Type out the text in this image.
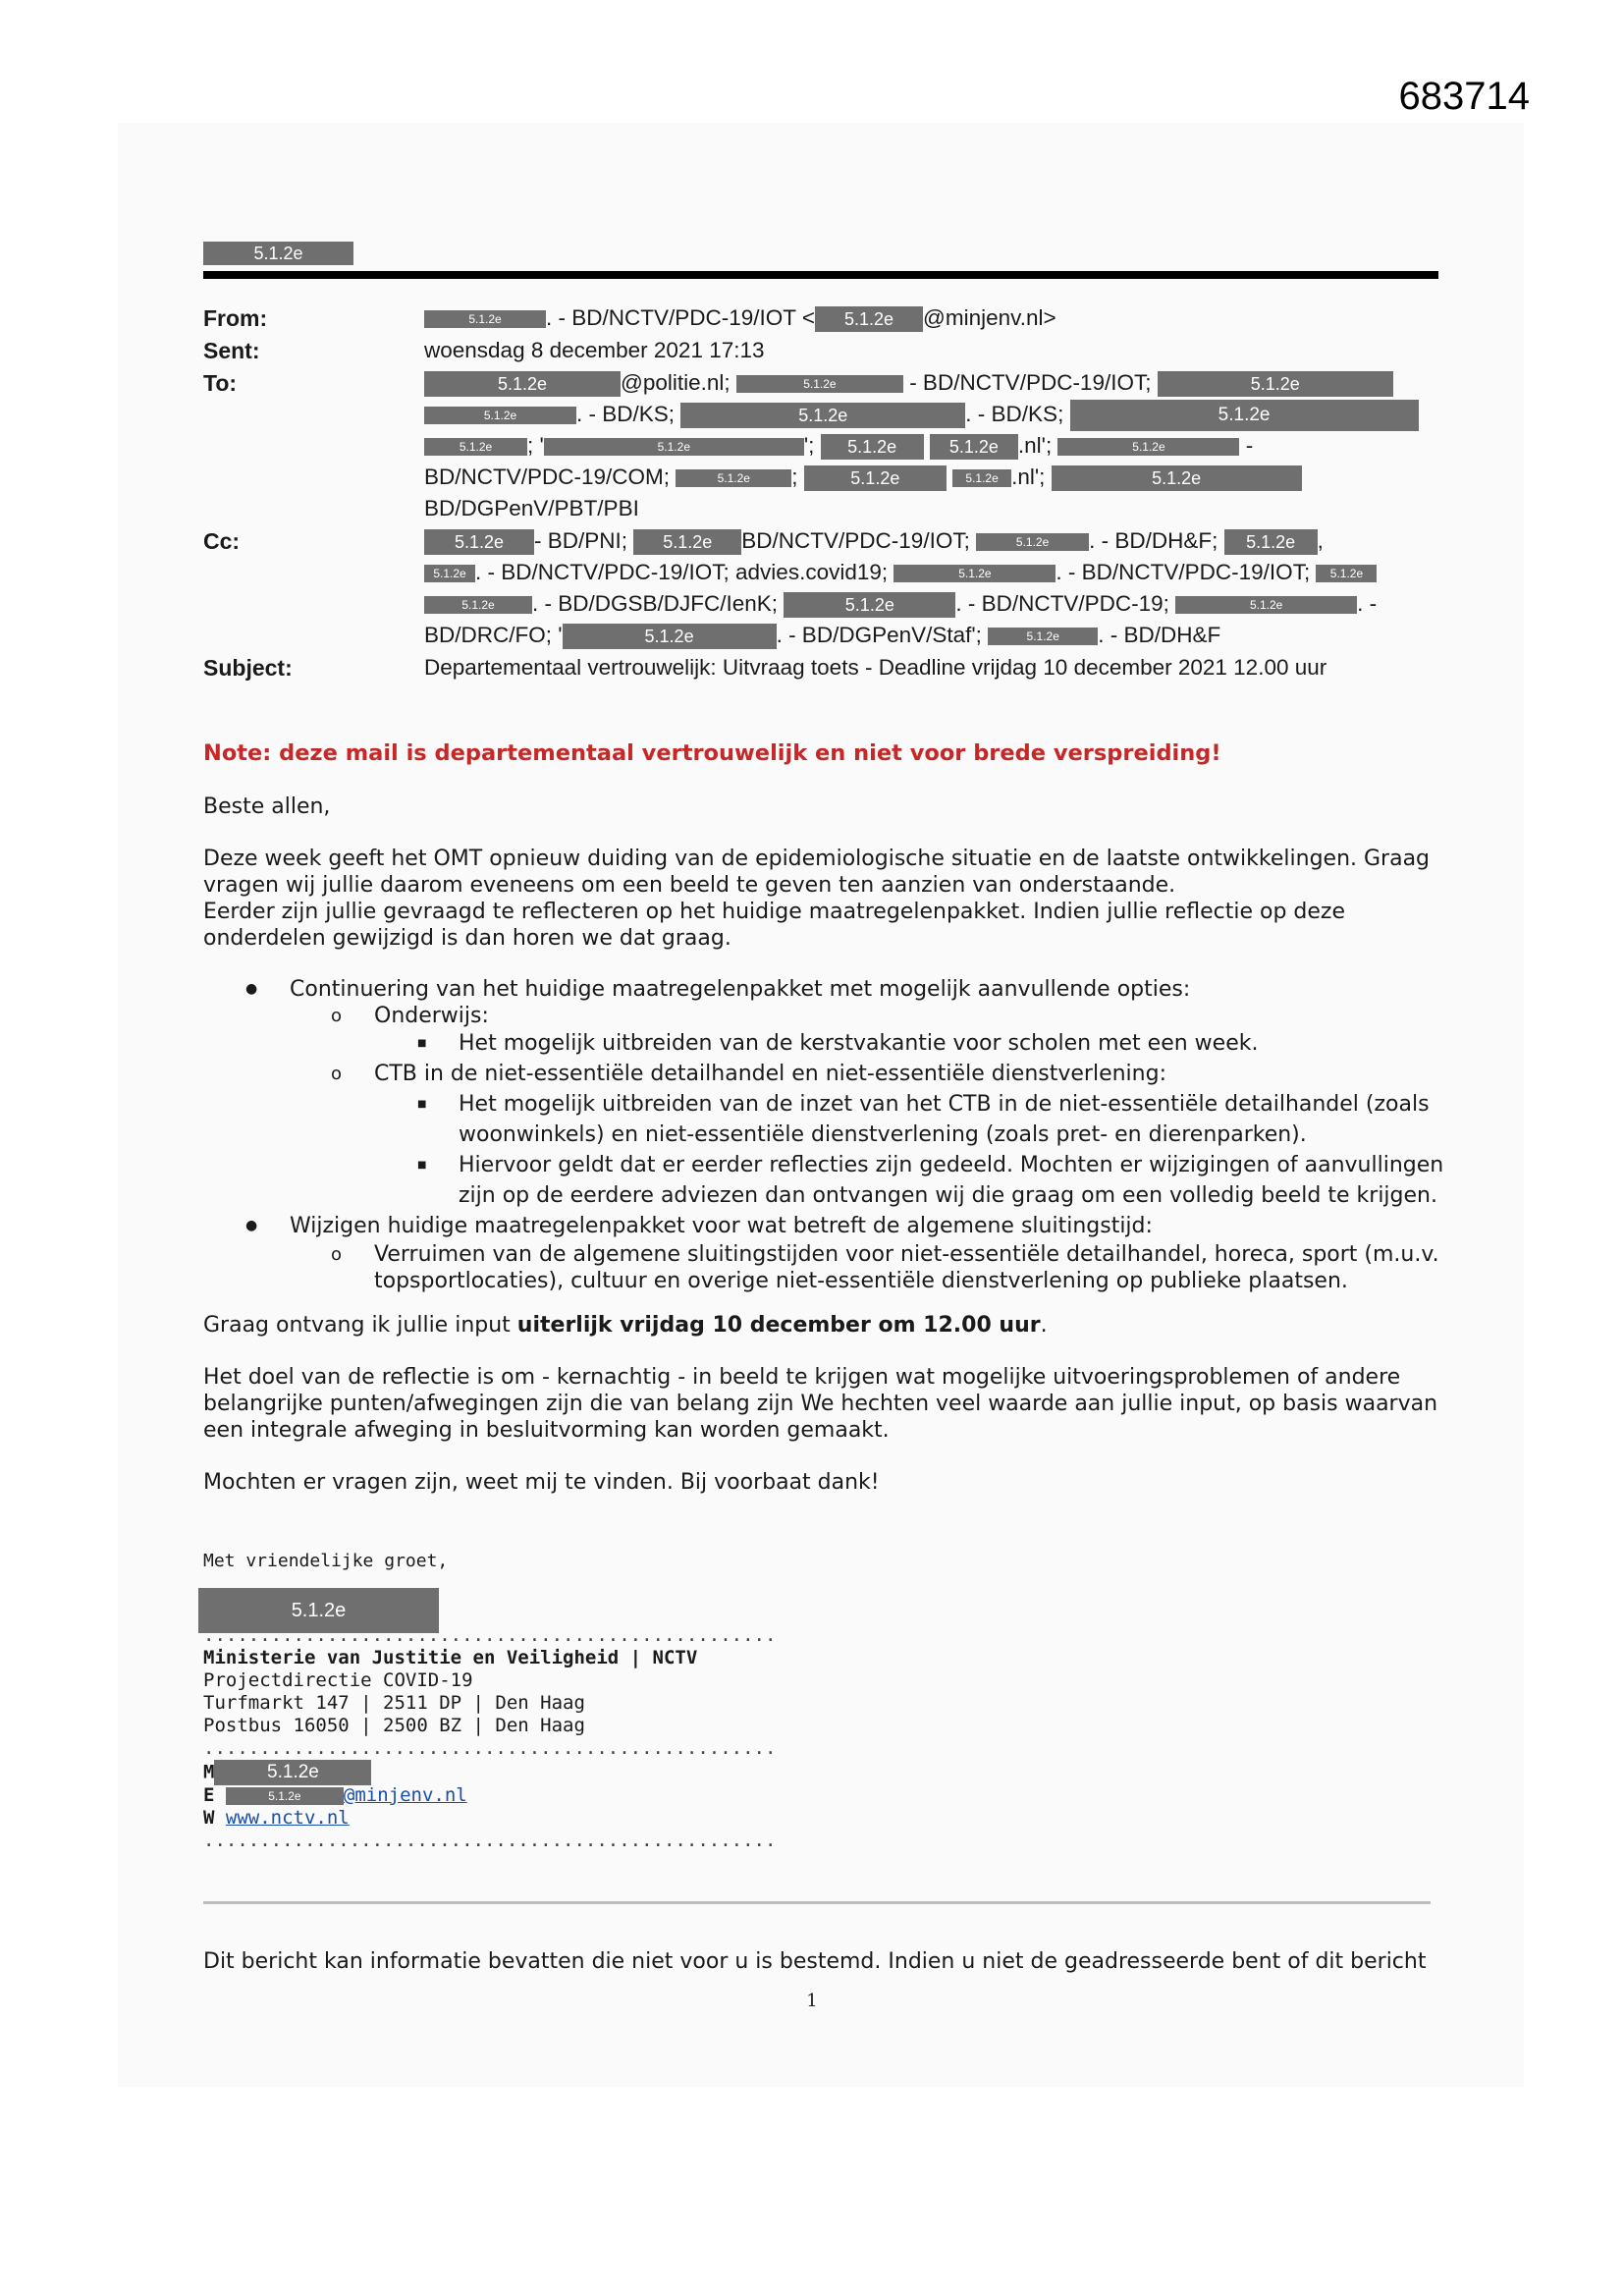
683714
5.1.2e
From:	5.1.2e . - BD/NCTV/PDC-19/IOT < 5.1.2e @minjenv.nl>
Sent:	woensdag 8 december 2021 17:13
To:	5.1.2e	@politie.nl;	5.1.2e	- BD/NCTV/PDC-19/IOT;	5.1.2e
5.1.2e	. - BD/KS;	5.1.2e	. - BD/KS;	5.1.2e
5.1.2e ; '	5.1.2e	'; 5.1.2e	5.1.2e .nl';	5.1.2e	-
BD/NCTV/PDC-19/COM;	5.1.2e ;	5.1.2e	5.1.2e .nl';	5.1.2e
BD/DGPenV/PBT/PBI
Cc:	5.1.2e - BD/PNI; 5.1.2e BD/NCTV/PDC-19/IOT;	5.1.2e . - BD/DH&F; 5.1.2e ,
5.1.2e . - BD/NCTV/PDC-19/IOT; advies.covid19;	5.1.2e	. - BD/NCTV/PDC-19/IOT; 5.1.2e
5.1.2e . - BD/DGSB/DJFC/IenK;	5.1.2e	. - BD/NCTV/PDC-19;	5.1.2e	. -
BD/DRC/FO; '	5.1.2e	. - BD/DGPenV/Staf';	5.1.2e . - BD/DH&F
Subject:	Departementaal vertrouwelijk: Uitvraag toets - Deadline vrijdag 10 december 2021 12.00 uur
Note: deze mail is departementaal vertrouwelijk en niet voor brede verspreiding!
Beste allen,
Deze week geeft het OMT opnieuw duiding van de epidemiologische situatie en de laatste ontwikkelingen. Graag
vragen wij jullie daarom eveneens om een beeld te geven ten aanzien van onderstaande.
Eerder zijn jullie gevraagd te reflecteren op het huidige maatregelenpakket. Indien jullie reflectie op deze
onderdelen gewijzigd is dan horen we dat graag.
● Continuering van het huidige maatregelenpakket met mogelijk aanvullende opties:
o Onderwijs:
■ Het mogelijk uitbreiden van de kerstvakantie voor scholen met een week.
o CTB in de niet-essentiële detailhandel en niet-essentiële dienstverlening:
■ Het mogelijk uitbreiden van de inzet van het CTB in de niet-essentiële detailhandel (zoals
woonwinkels) en niet-essentiële dienstverlening (zoals pret- en dierenparken).
■ Hiervoor geldt dat er eerder reflecties zijn gedeeld. Mochten er wijzigingen of aanvullingen
zijn op de eerdere adviezen dan ontvangen wij die graag om een volledig beeld te krijgen.
● Wijzigen huidige maatregelenpakket voor wat betreft de algemene sluitingstijd:
o Verruimen van de algemene sluitingstijden voor niet-essentiële detailhandel, horeca, sport (m.u.v.
topsportlocaties), cultuur en overige niet-essentiële dienstverlening op publieke plaatsen.
Graag ontvang ik jullie input uiterlijk vrijdag 10 december om 12.00 uur.
Het doel van de reflectie is om - kernachtig - in beeld te krijgen wat mogelijke uitvoeringsproblemen of andere
belangrijke punten/afwegingen zijn die van belang zijn We hechten veel waarde aan jullie input, op basis waarvan
een integrale afweging in besluitvorming kan worden gemaakt.
Mochten er vragen zijn, weet mij te vinden. Bij voorbaat dank!
Met vriendelijke groet,
5.1.2e
...................................................
Ministerie van Justitie en Veiligheid | NCTV
Projectdirectie COVID-19
Turfmarkt 147 | 2511 DP | Den Haag
Postbus 16050 | 2500 BZ | Den Haag
...................................................
M	5.1.2e
E	5.1.2e @minjenv.nl
W www.nctv.nl
...................................................
Dit bericht kan informatie bevatten die niet voor u is bestemd. Indien u niet de geadresseerde bent of dit bericht
1
